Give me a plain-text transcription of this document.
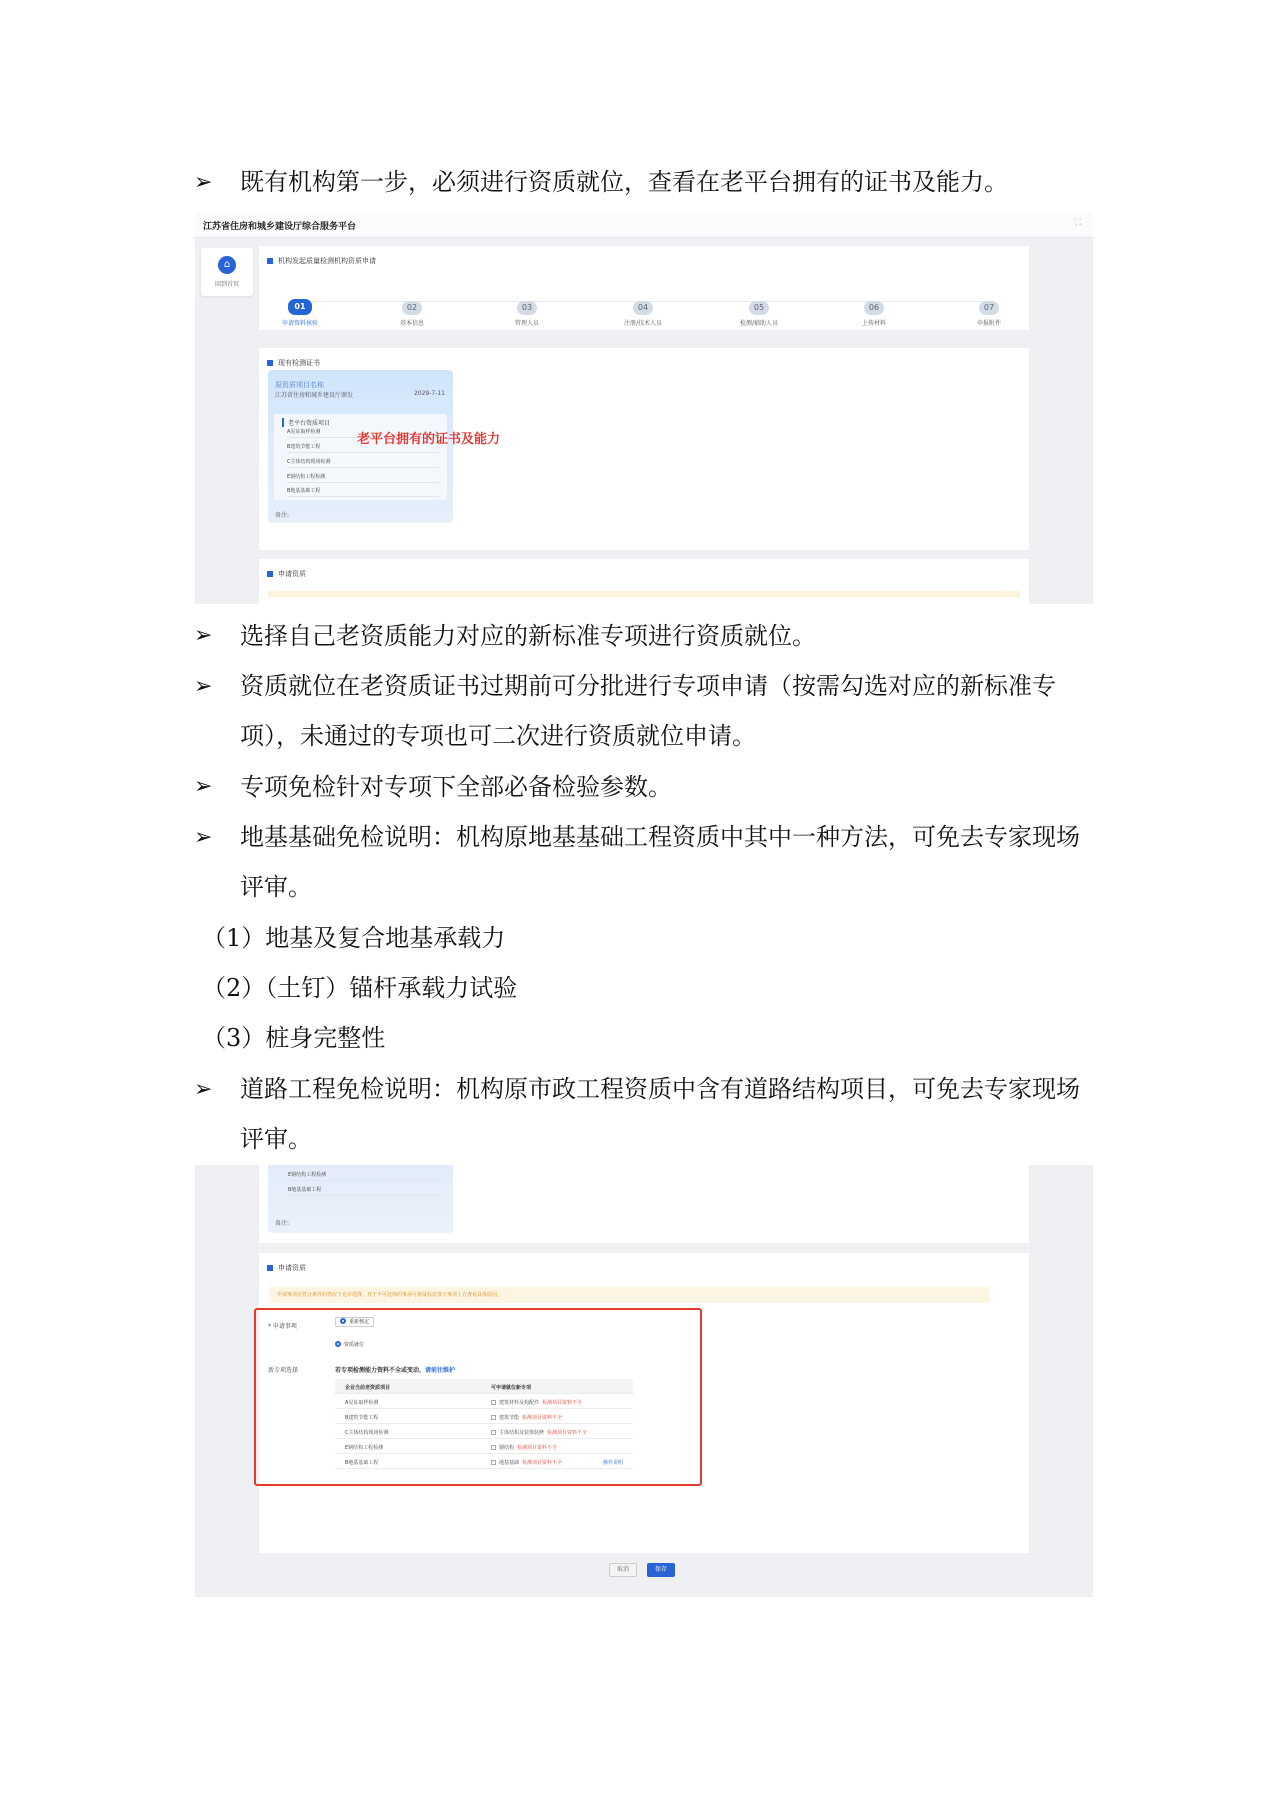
➢ 既有机构第一步，必须进行资质就位，查看在老平台拥有的证书及能力。
江苏省住房和城乡建设厅综合服务平台	⛶
⌂
回到首页
机构发起质量检测机构资质申请
01
申请资料核验
02
基本信息
03
管理人员
04
注册/技术人员
05
检测/辅助人员
06
上传材料
07
申报附件
现有检测证书
原资质项目名称
江苏省住房和城乡建设厅颁发	2029-7-11
老平台资质项目
A见证取样检测
B建筑节能工程
C主体结构现场检测
E钢结构工程检测
B地基基础工程
备注:
申请资质
老平台拥有的证书及能力
➢ 选择自己老资质能力对应的新标准专项进行资质就位。
➢ 资质就位在老资质证书过期前可分批进行专项申请（按需勾选对应的新标准专项），未通过的专项也可二次进行资质就位申请。
➢ 专项免检针对专项下全部必备检验参数。
➢ 地基基础免检说明：机构原地基基础工程资质中其中一种方法，可免去专家现场评审。
（1）地基及复合地基承载力
（2）（土钉）锚杆承载力试验
（3）桩身完整性
➢ 道路工程免检说明：机构原市政工程资质中含有道路结构项目，可免去专家现场评审。
E钢结构工程检测
B地基基础工程
备注:
申请资质
申请事项在符合条件的情况下允许选择，对于不可选择的事项可将鼠标放置于事项上方查看具体原因。
* 申请事项
重新核定
资质就位
新专项选择	若专项检测能力资料不全或变动，请前往维护
企业当前老资质项目	可申请就位新专项
A见证取样检测	建筑材料及构配件 检测项目资料不全
B建筑节能工程	建筑节能 检测项目资料不全
C主体结构现场检测	主体结构及装饰装修 检测项目资料不全
E钢结构工程检测	钢结构 检测项目资料不全
B地基基础工程	地基基础 检测项目资料不全	操作说明
取消	保存
